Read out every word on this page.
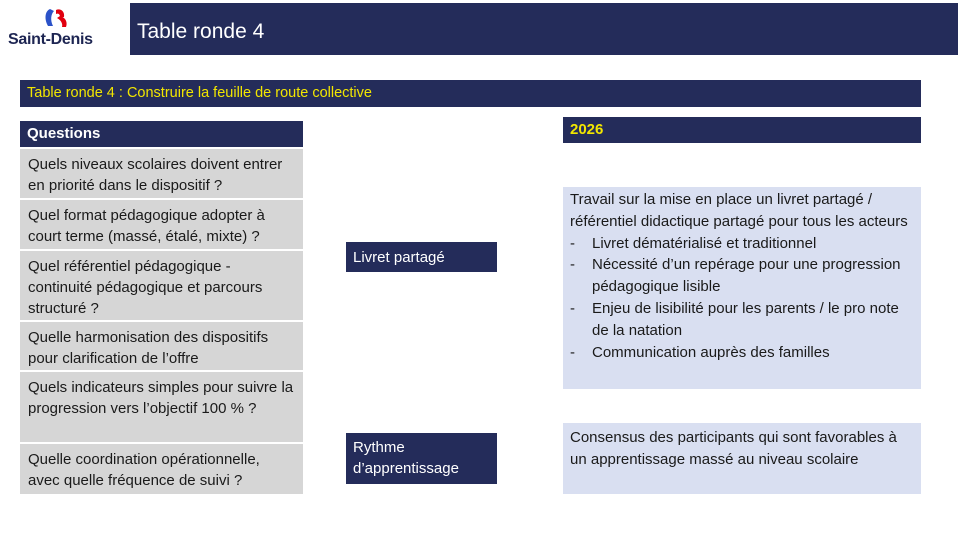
Saint-Denis Table ronde 4
Table ronde 4 : Construire la feuille de route collective
Questions
Quels niveaux scolaires doivent entrer en priorité dans le dispositif ?
Quel format pédagogique adopter à court terme (massé, étalé, mixte) ?
Quel référentiel pédagogique - continuité pédagogique et parcours structuré ?
Quelle harmonisation des dispositifs pour clarification de l’offre
Quels indicateurs simples pour suivre la progression vers l’objectif 100 % ?
Quelle coordination opérationnelle, avec quelle fréquence de suivi ?
2026
Livret partagé
Rythme d’apprentissage
Travail sur la mise en place un livret partagé / référentiel didactique partagé pour tous les acteurs
- Livret dématérialisé et traditionnel
- Nécessité d’un repérage pour une progression pédagogique lisible
- Enjeu de lisibilité pour les parents / le pro note de la natation
- Communication auprès des familles
Consensus des participants qui sont favorables à un apprentissage massé au niveau scolaire
